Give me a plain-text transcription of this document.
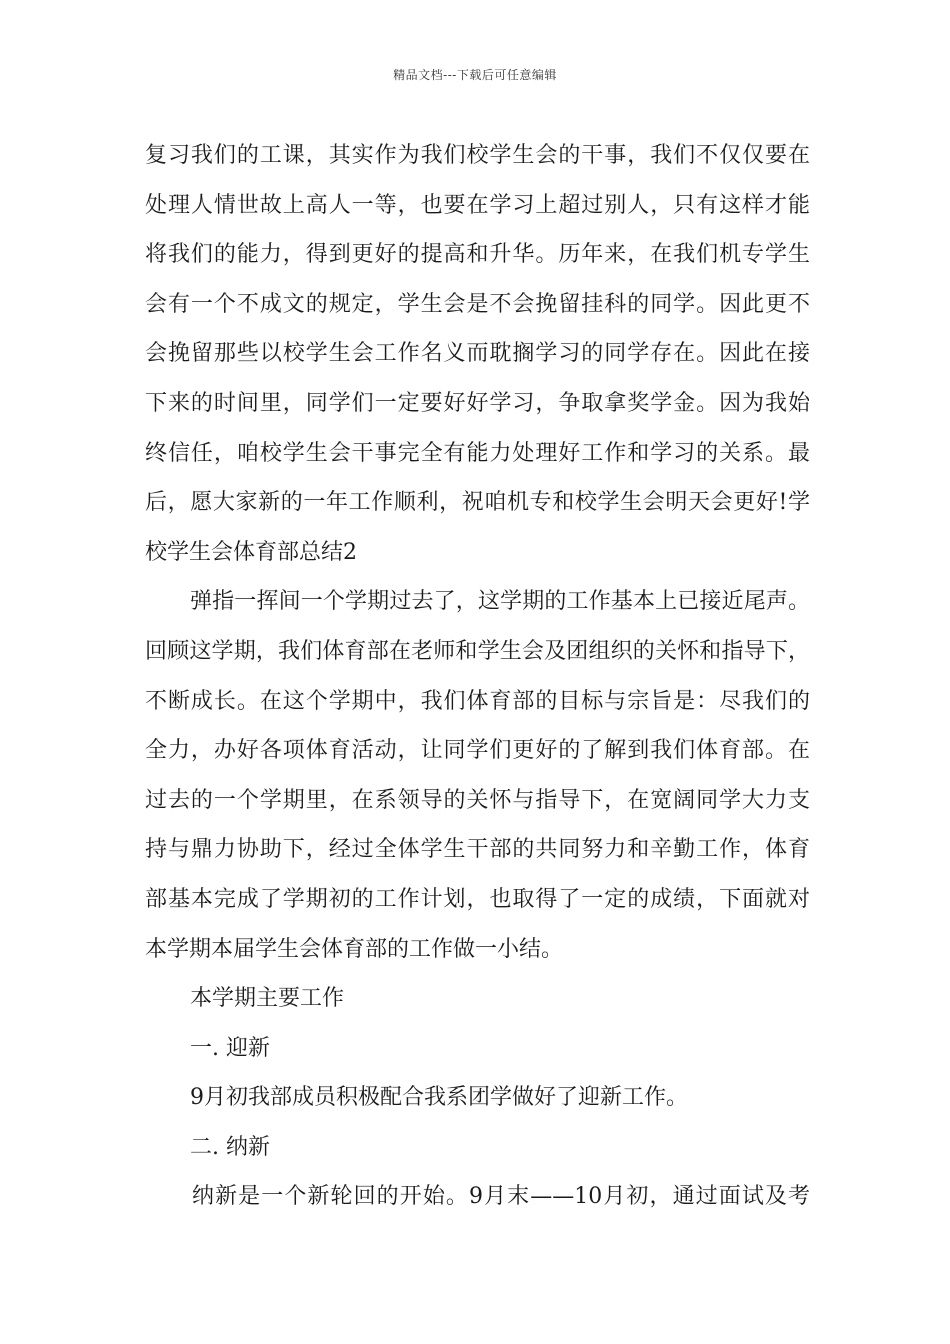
精品文档---下载后可任意编辑
复习我们的工课，其实作为我们校学生会的干事，我们不仅仅要在
处理人情世故上高人一等，也要在学习上超过别人，只有这样才能
将我们的能力，得到更好的提高和升华。历年来，在我们机专学生
会有一个不成文的规定，学生会是不会挽留挂科的同学。因此更不
会挽留那些以校学生会工作名义而耽搁学习的同学存在。因此在接
下来的时间里，同学们一定要好好学习，争取拿奖学金。因为我始
终信任，咱校学生会干事完全有能力处理好工作和学习的关系。最
后，愿大家新的一年工作顺利，祝咱机专和校学生会明天会更好!学
校学生会体育部总结2
弹指一挥间一个学期过去了，这学期的工作基本上已接近尾声。
回顾这学期，我们体育部在老师和学生会及团组织的关怀和指导下，
不断成长。在这个学期中，我们体育部的目标与宗旨是：尽我们的
全力，办好各项体育活动，让同学们更好的了解到我们体育部。在
过去的一个学期里，在系领导的关怀与指导下，在宽阔同学大力支
持与鼎力协助下，经过全体学生干部的共同努力和辛勤工作，体育
部基本完成了学期初的工作计划，也取得了一定的成绩，下面就对
本学期本届学生会体育部的工作做一小结。
本学期主要工作
一. 迎新
9月初我部成员积极配合我系团学做好了迎新工作。
二. 纳新
纳新是一个新轮回的开始。9月末——10月初，通过面试及考
